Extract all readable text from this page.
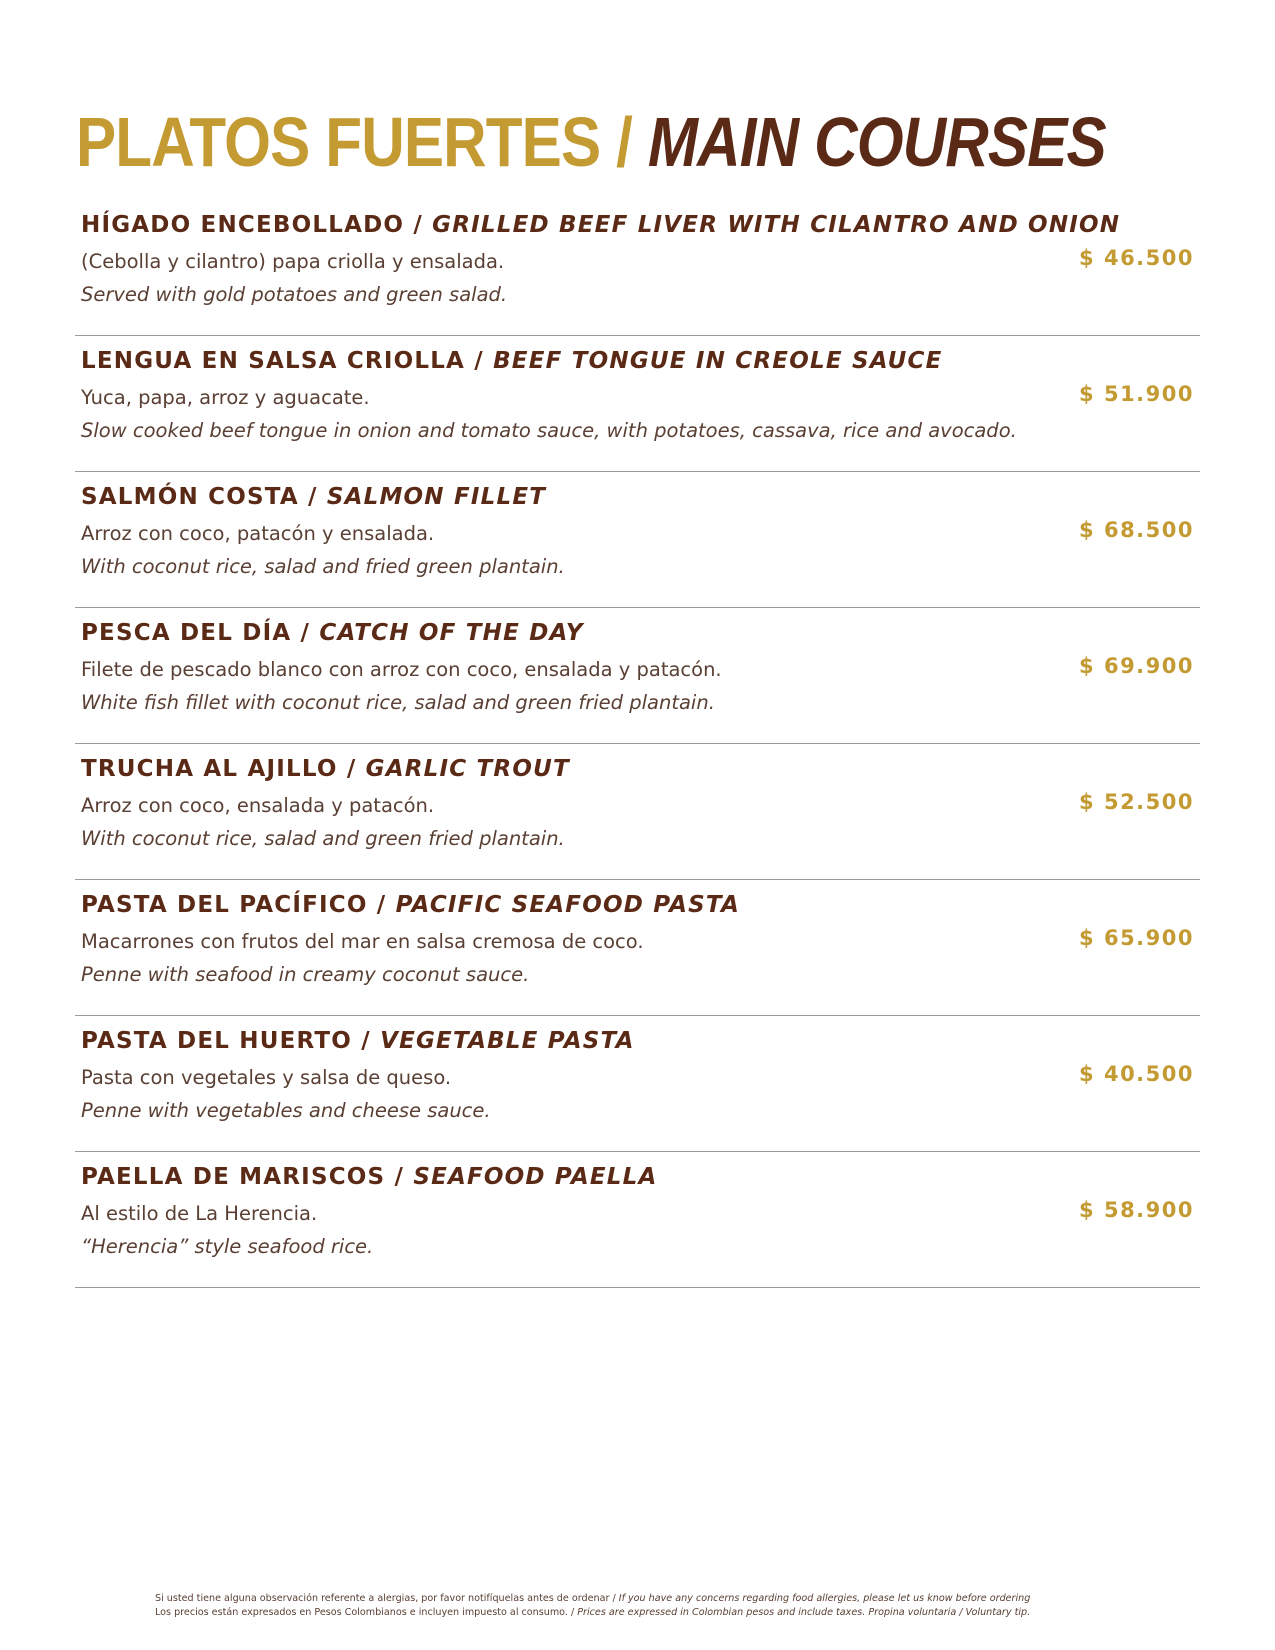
PLATOS FUERTES / MAIN COURSES
HÍGADO ENCEBOLLADO / GRILLED BEEF LIVER WITH CILANTRO AND ONION
(Cebolla y cilantro) papa criolla y ensalada.
Served with gold potatoes and green salad.
$ 46.500
LENGUA EN SALSA CRIOLLA / BEEF TONGUE IN CREOLE SAUCE
Yuca, papa, arroz y aguacate.
Slow cooked beef tongue in onion and tomato sauce, with potatoes, cassava, rice and avocado.
$ 51.900
SALMÓN COSTA / SALMON FILLET
Arroz con coco, patacón y ensalada.
With coconut rice, salad and fried green plantain.
$ 68.500
PESCA DEL DÍA / CATCH OF THE DAY
Filete de pescado blanco con arroz con coco, ensalada y patacón.
White fish fillet with coconut rice, salad and green fried plantain.
$ 69.900
TRUCHA AL AJILLO / GARLIC TROUT
Arroz con coco, ensalada y patacón.
With coconut rice, salad and green fried plantain.
$ 52.500
PASTA DEL PACÍFICO / PACIFIC SEAFOOD PASTA
Macarrones con frutos del mar en salsa cremosa de coco.
Penne with seafood in creamy coconut sauce.
$ 65.900
PASTA DEL HUERTO / VEGETABLE PASTA
Pasta con vegetales y salsa de queso.
Penne with vegetables and cheese sauce.
$ 40.500
PAELLA DE MARISCOS / SEAFOOD PAELLA
Al estilo de La Herencia.
“Herencia” style seafood rice.
$ 58.900
Si usted tiene alguna observación referente a alergias, por favor notifíquelas antes de ordenar / If you have any concerns regarding food allergies, please let us know before ordering
Los precios están expresados en Pesos Colombianos e incluyen impuesto al consumo. / Prices are expressed in Colombian pesos and include taxes. Propina voluntaria / Voluntary tip.
